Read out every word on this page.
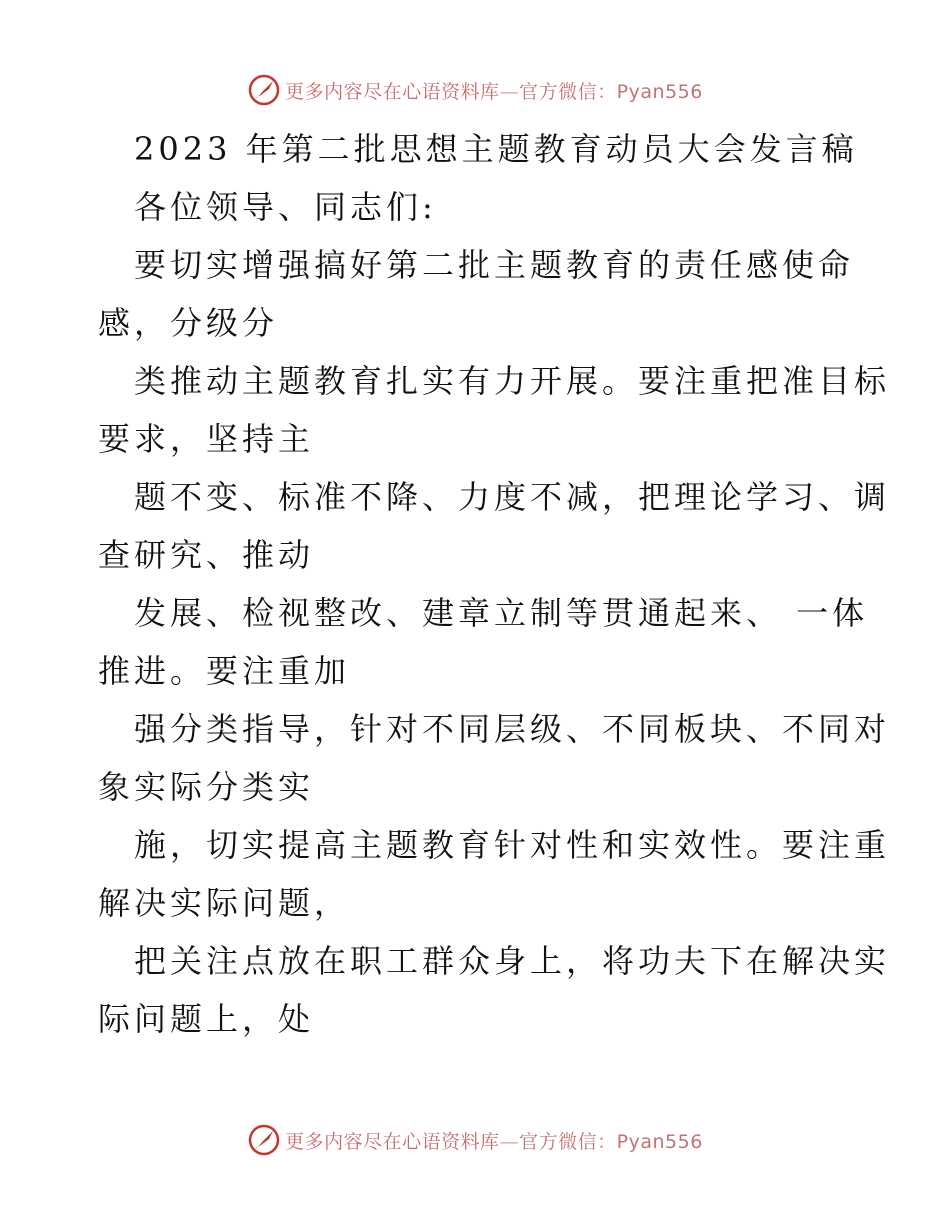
更多内容尽在心语资料库—官方微信：Pyan556
2023 年第二批思想主题教育动员大会发言稿
各位领导、同志们:
要切实增强搞好第二批主题教育的责任感使命
感，分级分
类推动主题教育扎实有力开展。要注重把准目标
要求，坚持主
题不变、标准不降、力度不减，把理论学习、调
查研究、推动
发展、检视整改、建章立制等贯通起来、 一体
推进。要注重加
强分类指导，针对不同层级、不同板块、不同对
象实际分类实
施，切实提高主题教育针对性和实效性。要注重
解决实际问题，
把关注点放在职工群众身上，将功夫下在解决实
际问题上，处
更多内容尽在心语资料库—官方微信：Pyan556
